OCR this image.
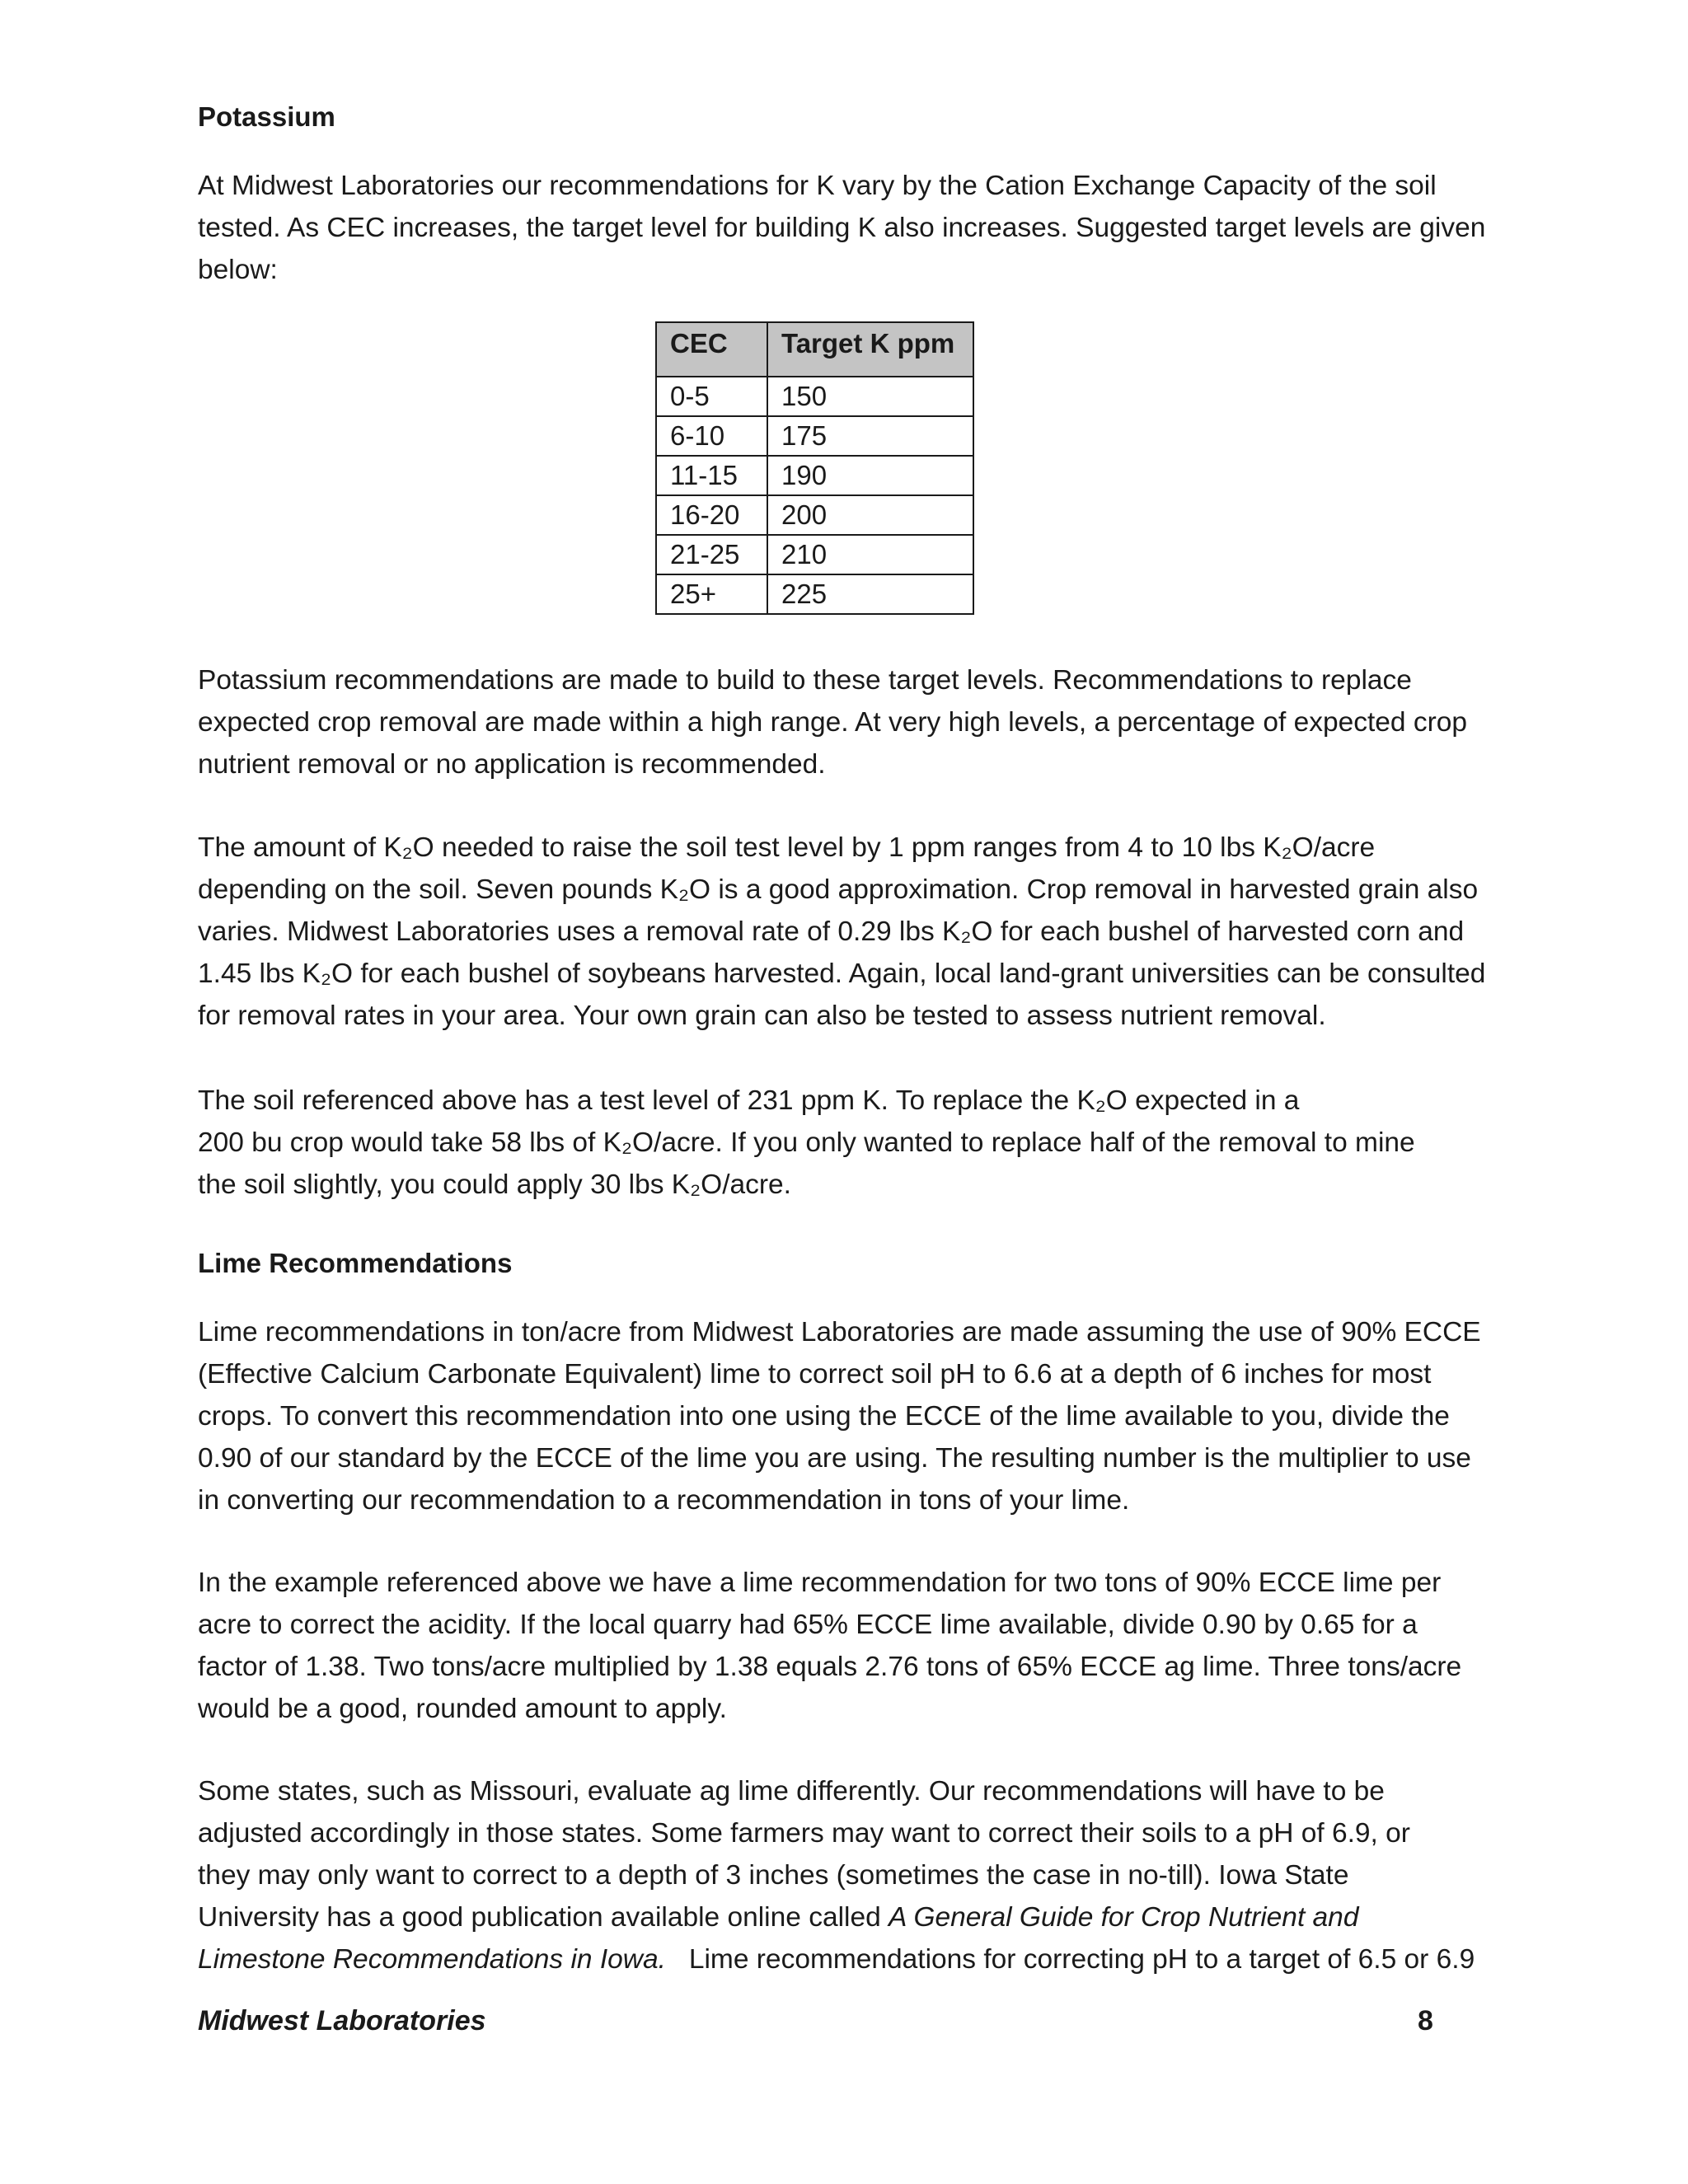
Potassium
At Midwest Laboratories our recommendations for K vary by the Cation Exchange Capacity of the soil
tested. As CEC increases, the target level for building K also increases. Suggested target levels are given
below:
CEC	Target K ppm
0-5	150
6-10	175
11-15	190
16-20	200
21-25	210
25+	225
Potassium recommendations are made to build to these target levels. Recommendations to replace
expected crop removal are made within a high range. At very high levels, a percentage of expected crop
nutrient removal or no application is recommended.
The amount of K₂O needed to raise the soil test level by 1 ppm ranges from 4 to 10 lbs K₂O/acre
depending on the soil. Seven pounds K₂O is a good approximation. Crop removal in harvested grain also
varies. Midwest Laboratories uses a removal rate of 0.29 lbs K₂O for each bushel of harvested corn and
1.45 lbs K₂O for each bushel of soybeans harvested. Again, local land-grant universities can be consulted
for removal rates in your area. Your own grain can also be tested to assess nutrient removal.
The soil referenced above has a test level of 231 ppm K. To replace the K₂O expected in a
200 bu crop would take 58 lbs of K₂O/acre. If you only wanted to replace half of the removal to mine
the soil slightly, you could apply 30 lbs K₂O/acre.
Lime Recommendations
Lime recommendations in ton/acre from Midwest Laboratories are made assuming the use of 90% ECCE
(Effective Calcium Carbonate Equivalent) lime to correct soil pH to 6.6 at a depth of 6 inches for most
crops. To convert this recommendation into one using the ECCE of the lime available to you, divide the
0.90 of our standard by the ECCE of the lime you are using. The resulting number is the multiplier to use
in converting our recommendation to a recommendation in tons of your lime.
In the example referenced above we have a lime recommendation for two tons of 90% ECCE lime per
acre to correct the acidity. If the local quarry had 65% ECCE lime available, divide 0.90 by 0.65 for a
factor of 1.38. Two tons/acre multiplied by 1.38 equals 2.76 tons of 65% ECCE ag lime. Three tons/acre
would be a good, rounded amount to apply.
Some states, such as Missouri, evaluate ag lime differently. Our recommendations will have to be
adjusted accordingly in those states. Some farmers may want to correct their soils to a pH of 6.9, or
they may only want to correct to a depth of 3 inches (sometimes the case in no-till). Iowa State
University has a good publication available online called A General Guide for Crop Nutrient and
Limestone Recommendations in Iowa.   Lime recommendations for correcting pH to a target of 6.5 or 6.9
Midwest Laboratories	8
